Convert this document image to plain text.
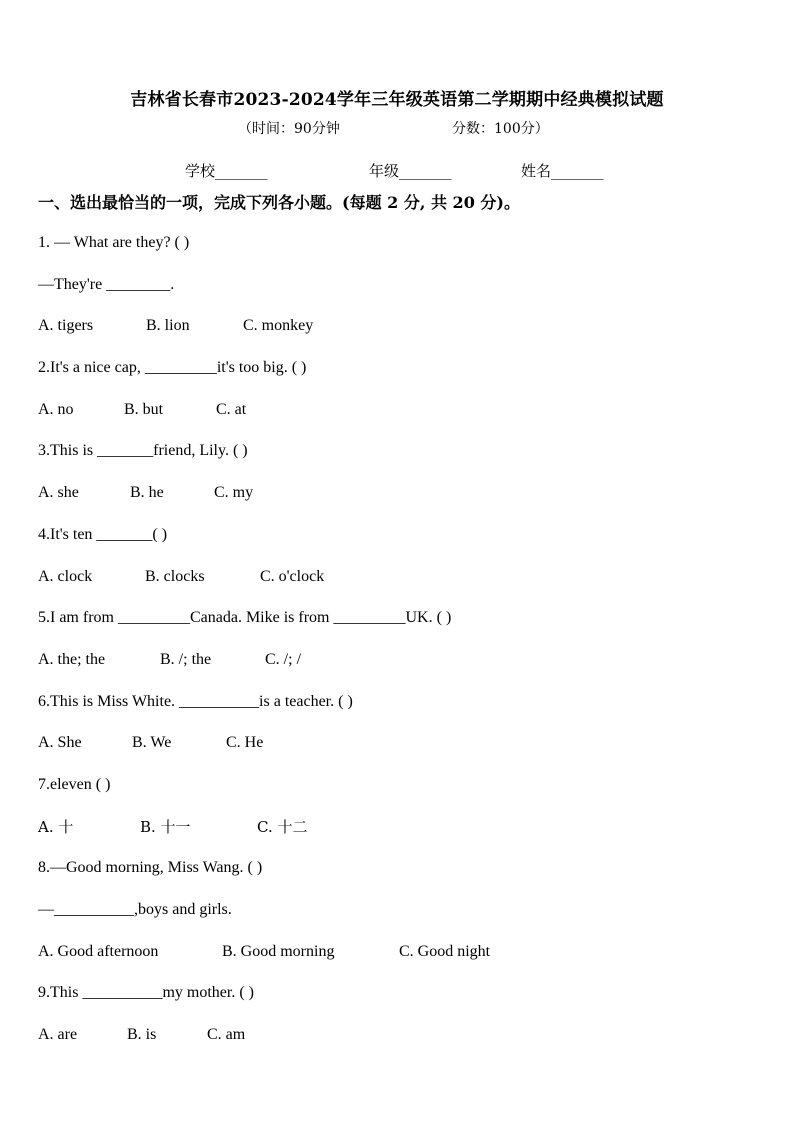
吉林省长春市2023-2024学年三年级英语第二学期期中经典模拟试题
（时间：90分钟	分数：100分）
学校_______	年级_______	姓名_______
一、选出最恰当的一项，完成下列各小题。(每题 2 分, 共 20 分)。
1. — What are they? ( )
—They're ________.
A. tigers	B. lion	C. monkey
2.It's a nice cap, _________it's too big. ( )
A. no	B. but	C. at
3.This is _______friend, Lily. ( )
A. she	B. he	C. my
4.It's ten _______( )
A. clock	B. clocks	C. o'clock
5.I am from _________Canada. Mike is from _________UK. ( )
A. the; the	B. /; the	C. /; /
6.This is Miss White. __________is a teacher. ( )
A. She	B. We	C. He
7.eleven ( )
A. 十	B. 十一	C. 十二
8.—Good morning, Miss Wang. ( )
—__________,boys and girls.
A. Good afternoon	B. Good morning	C. Good night
9.This __________my mother. ( )
A. are	B. is	C. am
